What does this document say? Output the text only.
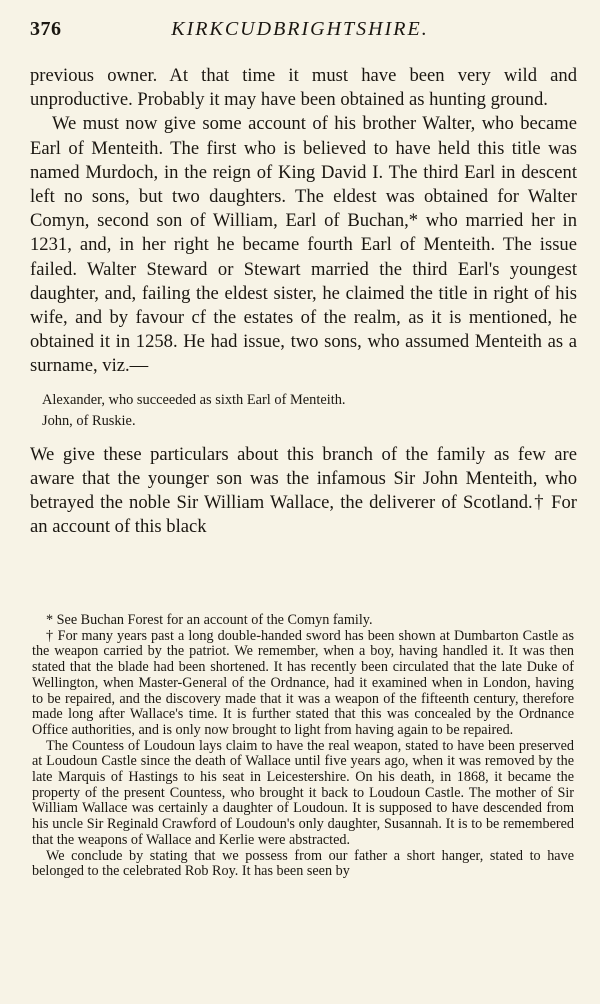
376	KIRKCUDBRIGHTSHIRE.

previous owner. At that time it must have been very wild and unproductive. Probably it may have been obtained as hunting ground.

We must now give some account of his brother Walter, who became Earl of Menteith. The first who is believed to have held this title was named Murdoch, in the reign of King David I. The third Earl in descent left no sons, but two daughters. The eldest was obtained for Walter Comyn, second son of William, Earl of Buchan,* who married her in 1231, and, in her right he became fourth Earl of Menteith. The issue failed. Walter Steward or Stewart married the third Earl's youngest daughter, and, failing the eldest sister, he claimed the title in right of his wife, and by favour cf the estates of the realm, as it is mentioned, he obtained it in 1258. He had issue, two sons, who assumed Menteith as a surname, viz.—

Alexander, who succeeded as sixth Earl of Menteith.
John, of Ruskie.

We give these particulars about this branch of the family as few are aware that the younger son was the infamous Sir John Menteith, who betrayed the noble Sir William Wallace, the deliverer of Scotland.† For an account of this black

* See Buchan Forest for an account of the Comyn family.

† For many years past a long double-handed sword has been shown at Dumbarton Castle as the weapon carried by the patriot. We remember, when a boy, having handled it. It was then stated that the blade had been shortened. It has recently been circulated that the late Duke of Wellington, when Master-General of the Ordnance, had it examined when in London, having to be repaired, and the discovery made that it was a weapon of the fifteenth century, therefore made long after Wallace's time. It is further stated that this was concealed by the Ordnance Office authorities, and is only now brought to light from having again to be repaired.

The Countess of Loudoun lays claim to have the real weapon, stated to have been preserved at Loudoun Castle since the death of Wallace until five years ago, when it was removed by the late Marquis of Hastings to his seat in Leicestershire. On his death, in 1868, it became the property of the present Countess, who brought it back to Loudoun Castle. The mother of Sir William Wallace was certainly a daughter of Loudoun. It is supposed to have descended from his uncle Sir Reginald Crawford of Loudoun's only daughter, Susannah. It is to be remembered that the weapons of Wallace and Kerlie were abstracted.

We conclude by stating that we possess from our father a short hanger, stated to have belonged to the celebrated Rob Roy. It has been seen by
